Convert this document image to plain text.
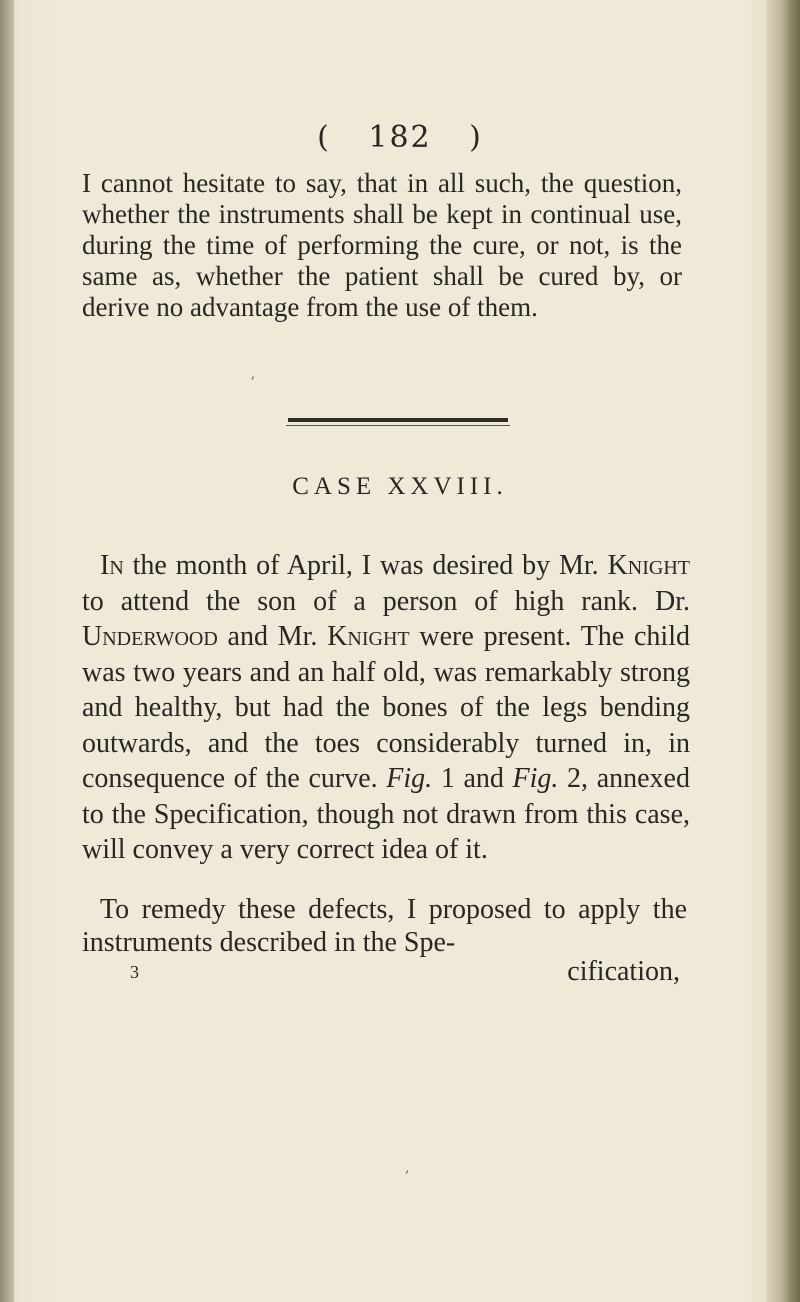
( 182 )

I cannot hesitate to say, that in all such, the question, whether the instruments shall be kept in continual use, during the time of performing the cure, or not, is the same as, whether the patient shall be cured by, or derive no advantage from the use of them.

CASE XXVIII.

In the month of April, I was desired by Mr. Knight to attend the son of a person of high rank. Dr. Underwood and Mr. Knight were present. The child was two years and an half old, was remarkably strong and healthy, but had the bones of the legs bending outwards, and the toes considerably turned in, in consequence of the curve. Fig. 1 and Fig. 2, annexed to the Specification, though not drawn from this case, will convey a very correct idea of it.

To remedy these defects, I proposed to apply the instruments described in the Spe-

3	cification,
ʼ
,
